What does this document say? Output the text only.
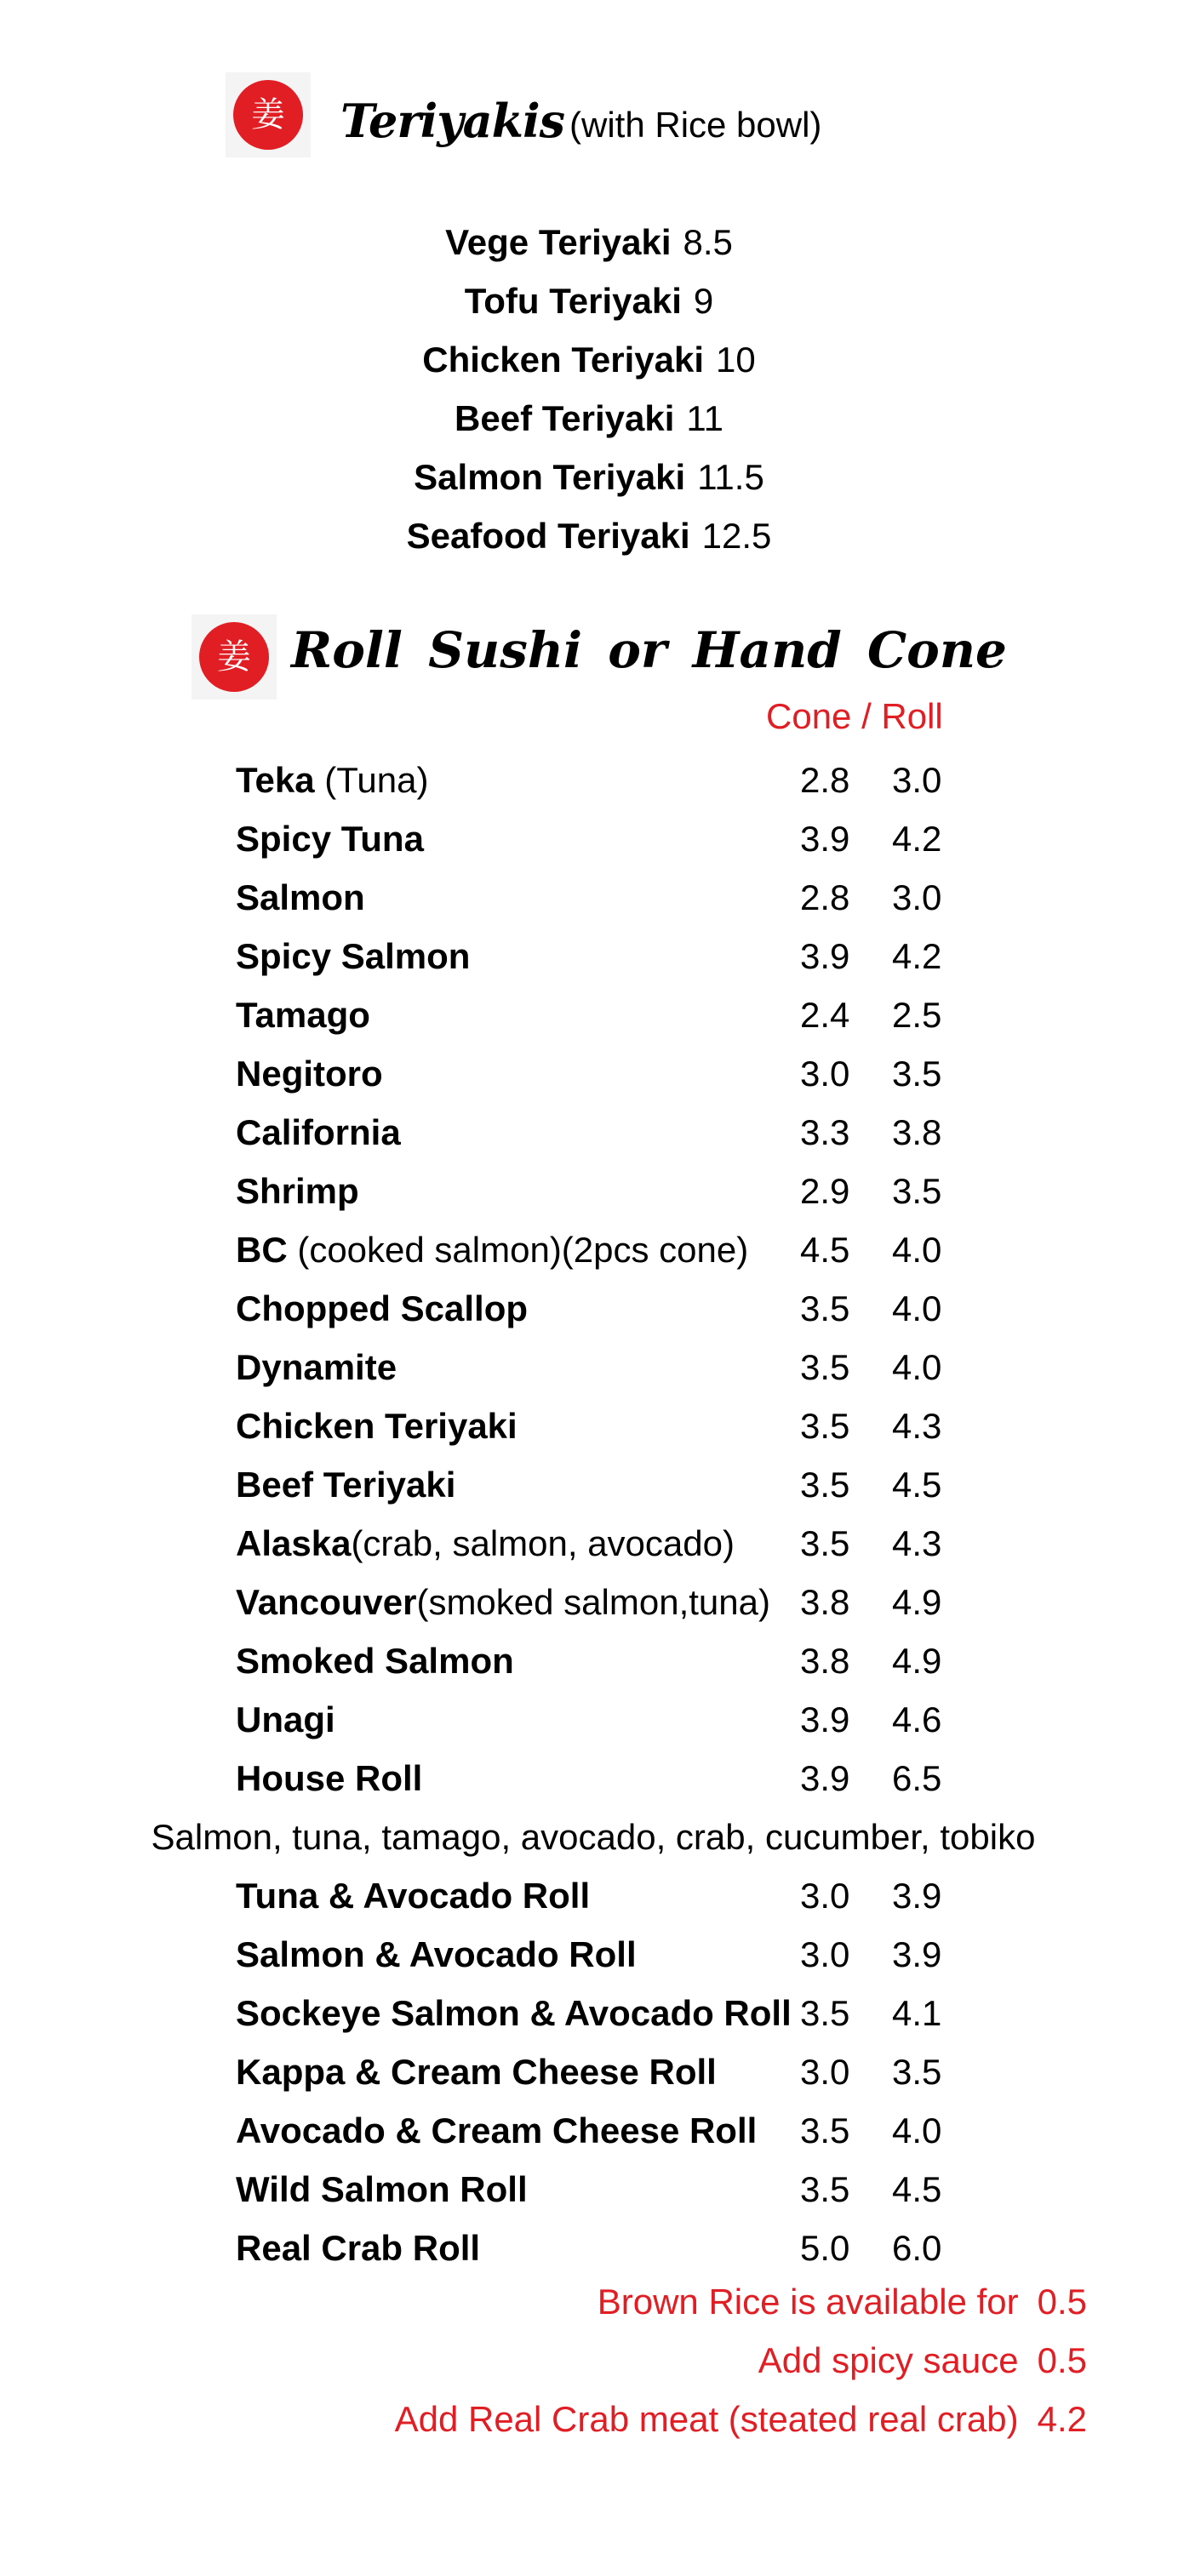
姜 Teriyakis (with Rice bowl)
Vege Teriyaki 8.5
Tofu Teriyaki 9
Chicken Teriyaki 10
Beef Teriyaki 11
Salmon Teriyaki 11.5
Seafood Teriyaki 12.5
姜 Roll Sushi or Hand Cone
Cone / Roll
Teka (Tuna)	2.8 3.0
Spicy Tuna	3.9 4.2
Salmon	2.8 3.0
Spicy Salmon	3.9 4.2
Tamago	2.4 2.5
Negitoro	3.0 3.5
California	3.3 3.8
Shrimp	2.9 3.5
BC (cooked salmon)(2pcs cone) 4.5 4.0
Chopped Scallop	3.5 4.0
Dynamite	3.5 4.0
Chicken Teriyaki	3.5 4.3
Beef Teriyaki	3.5 4.5
Alaska(crab, salmon, avocado) 3.5 4.3
Vancouver(smoked salmon,tuna) 3.8 4.9
Smoked Salmon	3.8 4.9
Unagi	3.9 4.6
House Roll	3.9 6.5
Salmon, tuna, tamago, avocado, crab, cucumber, tobiko
Tuna & Avocado Roll	3.0 3.9
Salmon & Avocado Roll	3.0 3.9
Sockeye Salmon & Avocado Roll 3.5 4.1
Kappa & Cream Cheese Roll 3.0 3.5
Avocado & Cream Cheese Roll 3.5 4.0
Wild Salmon Roll	3.5 4.5
Real Crab Roll	5.0 6.0
Brown Rice is available for 0.5
Add spicy sauce 0.5
Add Real Crab meat (steated real crab) 4.2
